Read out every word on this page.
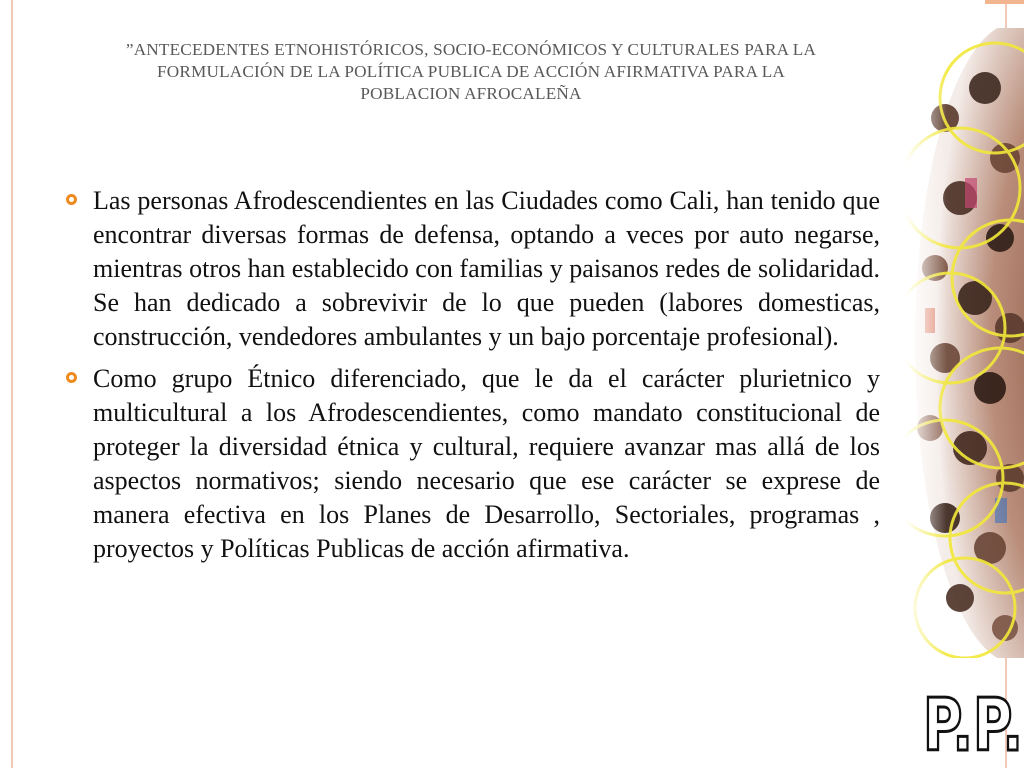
”ANTECEDENTES ETNOHISTÓRICOS, SOCIO-ECONÓMICOS Y CULTURALES PARA LA
FORMULACIÓN DE LA POLÍTICA PUBLICA DE ACCIÓN AFIRMATIVA PARA LA
POBLACION AFROCALEÑA
Las personas Afrodescendientes en las Ciudades como Cali, han tenido que encontrar diversas formas de defensa, optando a veces por auto negarse, mientras otros han establecido con familias y paisanos redes de solidaridad. Se han dedicado a sobrevivir de lo que pueden (labores domesticas, construcción, vendedores ambulantes y un bajo porcentaje profesional).
Como grupo Étnico diferenciado, que le da el carácter plurietnico y multicultural a los Afrodescendientes, como mandato constitucional de proteger la diversidad étnica y cultural, requiere avanzar mas allá de los aspectos normativos; siendo necesario que ese carácter se exprese de manera efectiva en los Planes de Desarrollo, Sectoriales, programas , proyectos y Políticas Publicas de acción afirmativa.
P.P.
